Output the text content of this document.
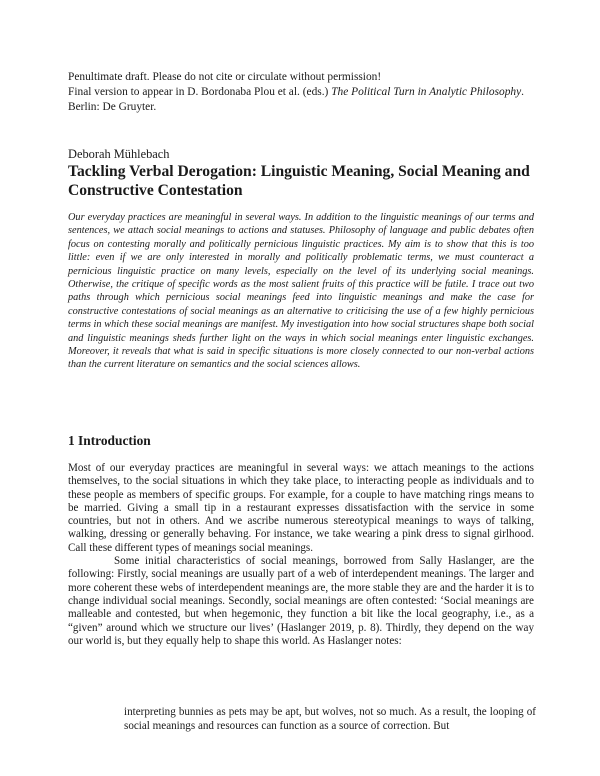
Penultimate draft. Please do not cite or circulate without permission!

Final version to appear in D. Bordonaba Plou et al. (eds.) The Political Turn in Analytic Philosophy. Berlin: De Gruyter.

Deborah Mühlebach
Tackling Verbal Derogation: Linguistic Meaning, Social Meaning and Constructive Contestation

Our everyday practices are meaningful in several ways. In addition to the linguistic meanings of our terms and sentences, we attach social meanings to actions and statuses. Philosophy of language and public debates often focus on contesting morally and politically pernicious linguistic practices. My aim is to show that this is too little: even if we are only interested in morally and politically problematic terms, we must counteract a pernicious linguistic practice on many levels, especially on the level of its underlying social meanings. Otherwise, the critique of specific words as the most salient fruits of this practice will be futile. I trace out two paths through which pernicious social meanings feed into linguistic meanings and make the case for constructive contestations of social meanings as an alternative to criticising the use of a few highly pernicious terms in which these social meanings are manifest. My investigation into how social structures shape both social and linguistic meanings sheds further light on the ways in which social meanings enter linguistic exchanges. Moreover, it reveals that what is said in specific situations is more closely connected to our non-verbal actions than the current literature on semantics and the social sciences allows.

1 Introduction

Most of our everyday practices are meaningful in several ways: we attach meanings to the actions themselves, to the social situations in which they take place, to interacting people as individuals and to these people as members of specific groups. For example, for a couple to have matching rings means to be married. Giving a small tip in a restaurant expresses dissatisfaction with the service in some countries, but not in others. And we ascribe numerous stereotypical meanings to ways of talking, walking, dressing or generally behaving. For instance, we take wearing a pink dress to signal girlhood. Call these different types of meanings social meanings.

Some initial characteristics of social meanings, borrowed from Sally Haslanger, are the following: Firstly, social meanings are usually part of a web of interdependent meanings. The larger and more coherent these webs of interdependent meanings are, the more stable they are and the harder it is to change individual social meanings. Secondly, social meanings are often contested: ‘Social meanings are malleable and contested, but when hegemonic, they function a bit like the local geography, i.e., as a “given” around which we structure our lives’ (Haslanger 2019, p. 8). Thirdly, they depend on the way our world is, but they equally help to shape this world. As Haslanger notes:

interpreting bunnies as pets may be apt, but wolves, not so much. As a result, the looping of social meanings and resources can function as a source of correction. But
